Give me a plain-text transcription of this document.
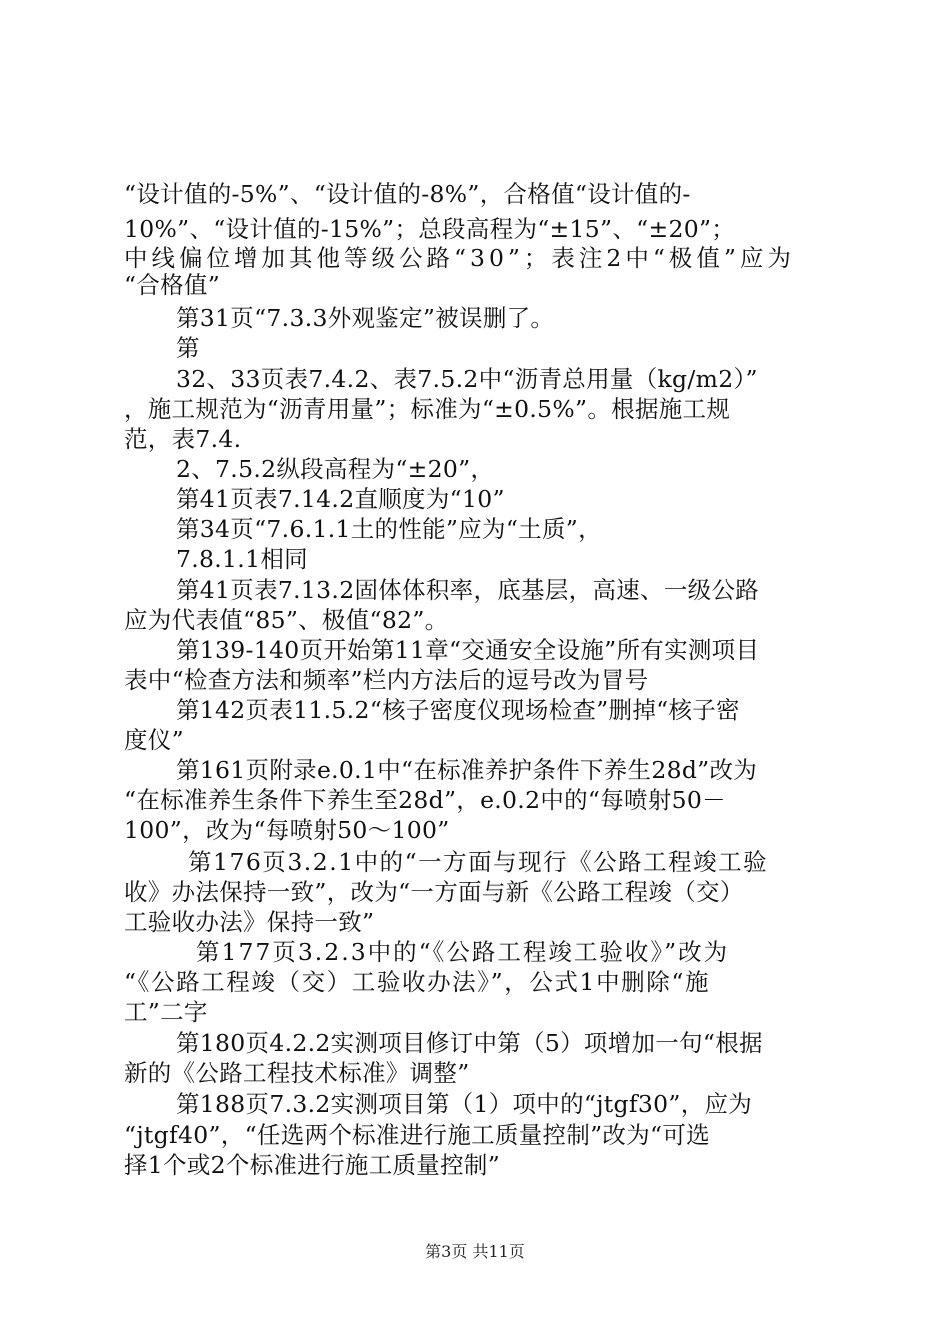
“设计值的-5%”、“设计值的-8%”，合格值“设计值的-
10%”、“设计值的-15%”；总段高程为“±15”、“±20”；
中线偏位增加其他等级公路“30”；表注2中“极值”应为
“合格值”
第31页“7.3.3外观鉴定”被误删了。
第
32、33页表7.4.2、表7.5.2中“沥青总用量（kg/m2）”
，施工规范为“沥青用量”；标准为“±0.5%”。根据施工规
范，表7.4.
2、7.5.2纵段高程为“±20”，
第41页表7.14.2直顺度为“10”
第34页“7.6.1.1土的性能”应为“土质”，
7.8.1.1相同
第41页表7.13.2固体体积率，底基层，高速、一级公路
应为代表值“85”、极值“82”。
第139-140页开始第11章“交通安全设施”所有实测项目
表中“检查方法和频率”栏内方法后的逗号改为冒号
第142页表11.5.2“核子密度仪现场检查”删掉“核子密
度仪”
第161页附录e.0.1中“在标准养护条件下养生28d”改为
“在标准养生条件下养生至28d”，e.0.2中的“每喷射50－
100”，改为“每喷射50～100”
第176页3.2.1中的“一方面与现行《公路工程竣工验
收》办法保持一致”，改为“一方面与新《公路工程竣（交）
工验收办法》保持一致”
第177页3.2.3中的“《公路工程竣工验收》”改为
“《公路工程竣（交）工验收办法》”，公式1中删除“施
工”二字
第180页4.2.2实测项目修订中第（5）项增加一句“根据
新的《公路工程技术标准》调整”
第188页7.3.2实测项目第（1）项中的“jtgf30”，应为
“jtgf40”，“任选两个标准进行施工质量控制”改为“可选
择1个或2个标准进行施工质量控制”
第3页 共11页
